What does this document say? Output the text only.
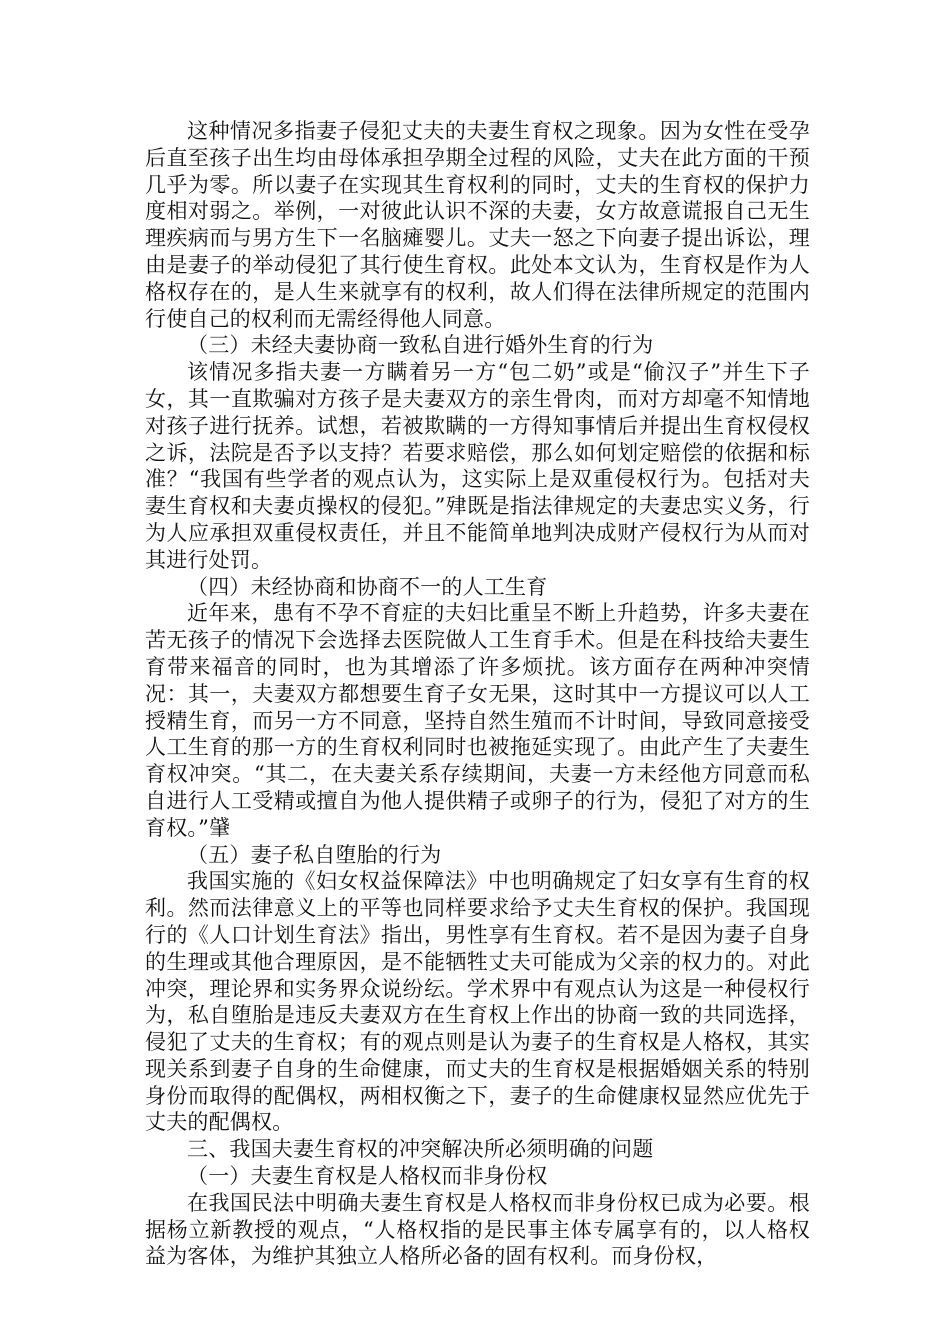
这种情况多指妻子侵犯丈夫的夫妻生育权之现象。因为女性在受孕后直至孩子出生均由母体承担孕期全过程的风险，丈夫在此方面的干预几乎为零。所以妻子在实现其生育权利的同时，丈夫的生育权的保护力度相对弱之。举例，一对彼此认识不深的夫妻，女方故意谎报自己无生理疾病而与男方生下一名脑瘫婴儿。丈夫一怒之下向妻子提出诉讼，理由是妻子的举动侵犯了其行使生育权。此处本文认为，生育权是作为人格权存在的，是人生来就享有的权利，故人们得在法律所规定的范围内行使自己的权利而无需经得他人同意。

（三）未经夫妻协商一致私自进行婚外生育的行为

该情况多指夫妻一方瞒着另一方“包二奶”或是“偷汉子”并生下子女，其一直欺骗对方孩子是夫妻双方的亲生骨肉，而对方却毫不知情地对孩子进行抚养。试想，若被欺瞒的一方得知事情后并提出生育权侵权之诉，法院是否予以支持？若要求赔偿，那么如何划定赔偿的依据和标准？“我国有些学者的观点认为，这实际上是双重侵权行为。包括对夫妻生育权和夫妻贞操权的侵犯。”肂既是指法律规定的夫妻忠实义务，行为人应承担双重侵权责任，并且不能简单地判决成财产侵权行为从而对其进行处罚。

（四）未经协商和协商不一的人工生育

近年来，患有不孕不育症的夫妇比重呈不断上升趋势，许多夫妻在苦无孩子的情况下会选择去医院做人工生育手术。但是在科技给夫妻生育带来福音的同时，也为其增添了许多烦扰。该方面存在两种冲突情况：其一，夫妻双方都想要生育子女无果，这时其中一方提议可以人工授精生育，而另一方不同意，坚持自然生殖而不计时间，导致同意接受人工生育的那一方的生育权利同时也被拖延实现了。由此产生了夫妻生育权冲突。“其二，在夫妻关系存续期间，夫妻一方未经他方同意而私自进行人工受精或擅自为他人提供精子或卵子的行为，侵犯了对方的生育权。”肈

（五）妻子私自堕胎的行为

我国实施的《妇女权益保障法》中也明确规定了妇女享有生育的权利。然而法律意义上的平等也同样要求给予丈夫生育权的保护。我国现行的《人口计划生育法》指出，男性享有生育权。若不是因为妻子自身的生理或其他合理原因，是不能牺牲丈夫可能成为父亲的权力的。对此冲突，理论界和实务界众说纷纭。学术界中有观点认为这是一种侵权行为，私自堕胎是违反夫妻双方在生育权上作出的协商一致的共同选择，侵犯了丈夫的生育权；有的观点则是认为妻子的生育权是人格权，其实现关系到妻子自身的生命健康，而丈夫的生育权是根据婚姻关系的特别身份而取得的配偶权，两相权衡之下，妻子的生命健康权显然应优先于丈夫的配偶权。

三、我国夫妻生育权的冲突解决所必须明确的问题

（一）夫妻生育权是人格权而非身份权

在我国民法中明确夫妻生育权是人格权而非身份权已成为必要。根据杨立新教授的观点，“人格权指的是民事主体专属享有的，以人格权益为客体，为维护其独立人格所必备的固有权利。而身份权，
